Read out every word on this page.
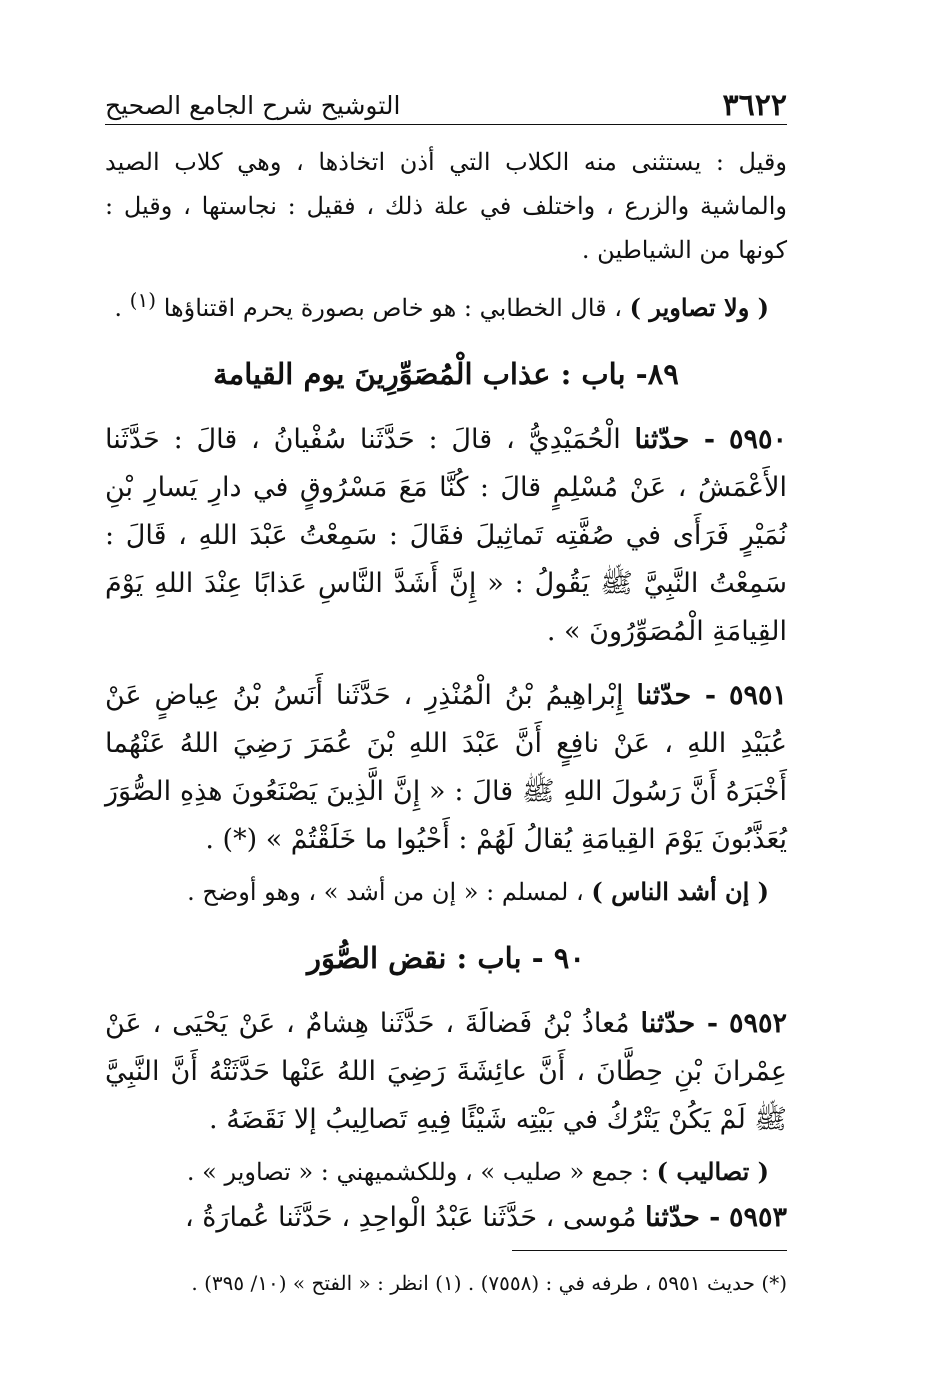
٣٦٢٢
التوشيح شرح الجامع الصحيح

وقيل : يستثنى منه الكلاب التي أذن اتخاذها ، وهي كلاب الصيد والماشية والزرع ، واختلف في علة ذلك ، فقيل : نجاستها ، وقيل : كونها من الشياطين .

( ولا تصاوير ) ، قال الخطابي : هو خاص بصورة يحرم اقتناؤها $^{(١)}$ .

٨٩- باب : عذاب الْمُصَوِّرِينَ يوم القيامة

٥٩٥٠ - حدّثنا الْحُمَيْدِيُّ ، قالَ : حَدَّثَنا سُفْيانُ ، قالَ : حَدَّثَنا الأَعْمَشُ ، عَنْ مُسْلِمٍ قالَ : كُنَّا مَعَ مَسْرُوقٍ في دارِ يَسارِ بْنِ نُمَيْرٍ فَرَأَى في صُفَّتِه تَماثِيلَ فقَالَ : سَمِعْتُ عَبْدَ اللهِ ، قَالَ : سَمِعْتُ النَّبِيَّ ﷺ يَقُولُ : « إِنَّ أَشَدَّ النَّاسِ عَذابًا عِنْدَ اللهِ يَوْمَ القِيامَةِ الْمُصَوِّرُونَ » .

٥٩٥١ - حدّثنا إِبْراهِيمُ بْنُ الْمُنْذِرِ ، حَدَّثَنا أَنَسُ بْنُ عِياضٍ عَنْ عُبَيْدِ اللهِ ، عَنْ نافِعٍ أَنَّ عَبْدَ اللهِ بْنَ عُمَرَ رَضِيَ اللهُ عَنْهُما أَخْبَرَهُ أَنَّ رَسُولَ اللهِ ﷺ قالَ : « إِنَّ الَّذِينَ يَصْنَعُونَ هذِهِ الصُّوَرَ يُعَذَّبُونَ يَوْمَ القِيامَةِ يُقالُ لَهُمْ : أَحْيُوا ما خَلَقْتُمْ » (*) .

( إن أشد الناس ) ، لمسلم : « إن من أشد » ، وهو أوضح .

٩٠ - باب : نقض الصُّوَر

٥٩٥٢ - حدّثنا مُعاذُ بْنُ فَضالَةَ ، حَدَّثَنا هِشامٌ ، عَنْ يَحْيَى ، عَنْ عِمْرانَ بْنِ حِطَّانَ ، أَنَّ عائِشَةَ رَضِيَ اللهُ عَنْها حَدَّثَتْهُ أَنَّ النَّبِيَّ ﷺ لَمْ يَكُنْ يَتْرُكُ في بَيْتِه شَيْئًا فِيهِ تَصالِيبُ إلا نَقَضَهُ .

( تصاليب ) : جمع « صليب » ، وللكشميهني : « تصاوير » .

٥٩٥٣ - حدّثنا مُوسى ، حَدَّثَنا عَبْدُ الْواحِدِ ، حَدَّثَنا عُمارَةُ ،

(*) حديث ٥٩٥١ ، طرفه في : (٧٥٥٨) . (١) انظر : « الفتح » (١٠/ ٣٩٥) .
